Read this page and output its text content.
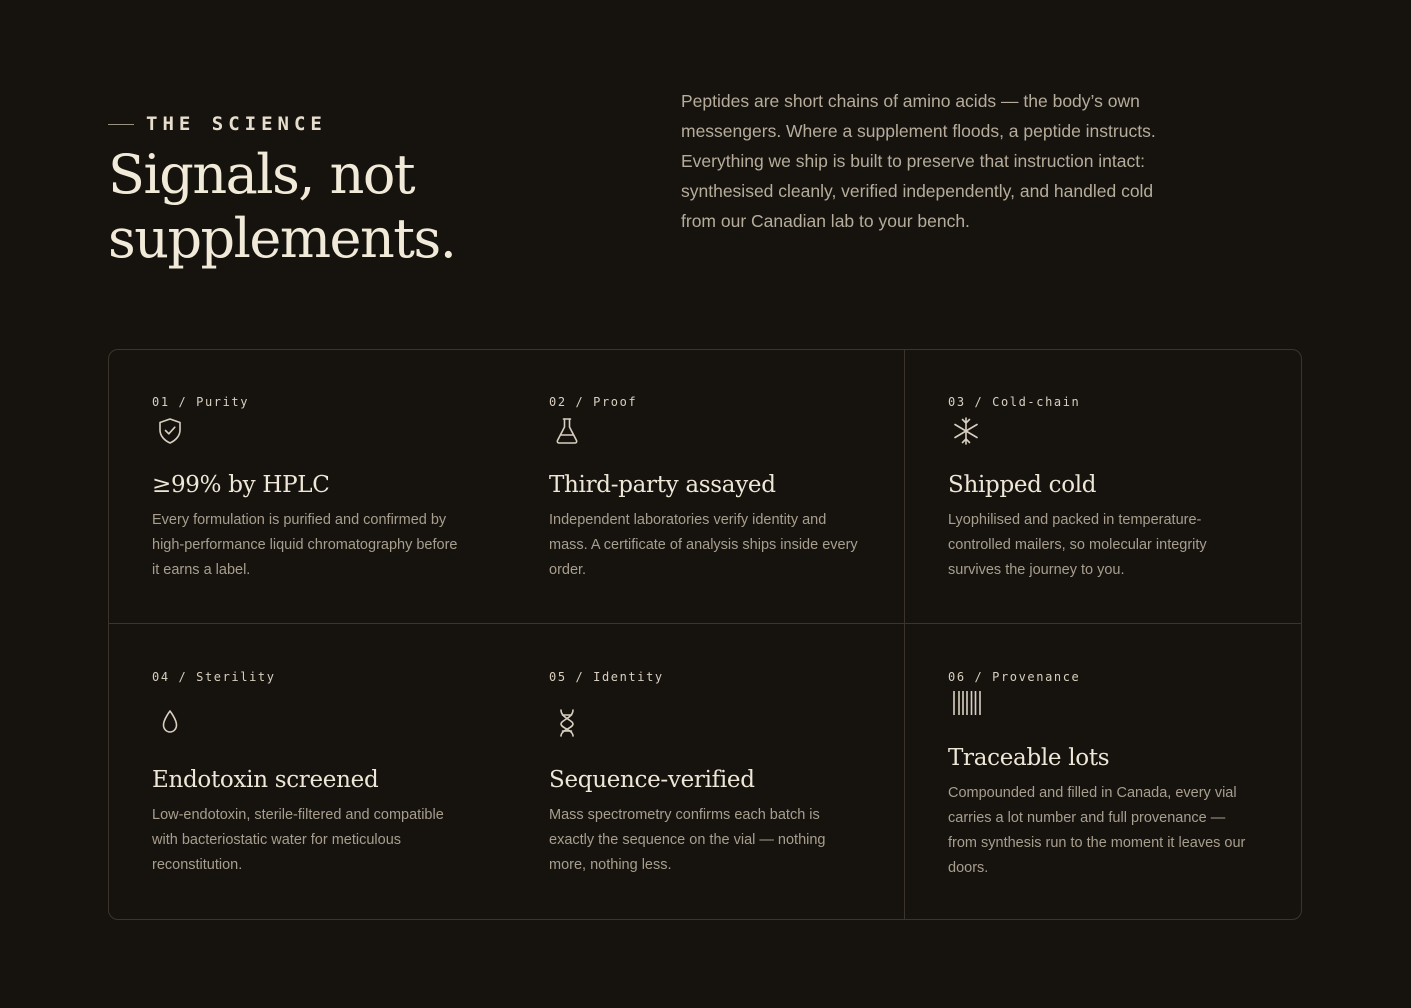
THE SCIENCE
Signals, not
supplements.

Peptides are short chains of amino acids — the body’s own messengers. Where a supplement floods, a peptide instructs. Everything we ship is built to preserve that instruction intact: synthesised cleanly, verified independently, and handled cold from our Canadian lab to your bench.

01 / Purity
≥99% by HPLC

Every formulation is purified and confirmed by high-performance liquid chromatography before it earns a label.

02 / Proof
Third-party assayed

Independent laboratories verify identity and mass. A certificate of analysis ships inside every order.

03 / Cold-chain
Shipped cold

Lyophilised and packed in temperature-controlled mailers, so molecular integrity survives the journey to you.

04 / Sterility
Endotoxin screened

Low-endotoxin, sterile-filtered and compatible with bacteriostatic water for meticulous reconstitution.

05 / Identity
Sequence-verified

Mass spectrometry confirms each batch is exactly the sequence on the vial — nothing more, nothing less.

06 / Provenance
Traceable lots

Compounded and filled in Canada, every vial carries a lot number and full provenance — from synthesis run to the moment it leaves our doors.
